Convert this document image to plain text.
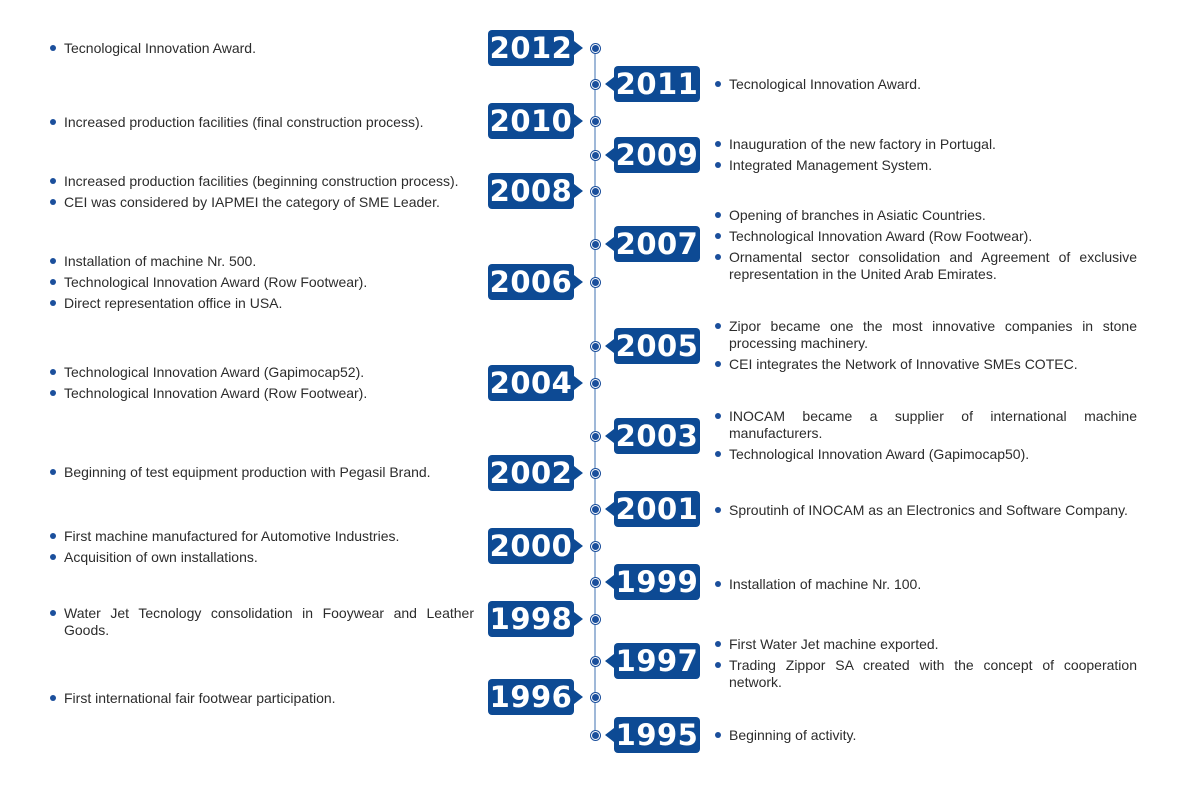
2012
Tecnological Innovation Award.
2011	Tecnological Innovation Award.
2010
Increased production facilities (final construction process).
2009	Inauguration of the new factory in Portugal.
Integrated Management System.
2008
Increased production facilities (beginning construction process).
CEI was considered by IAPMEI the category of SME Leader.
2007
Opening of branches in Asiatic Countries.
Technological Innovation Award (Row Footwear).
Ornamental sector consolidation and Agreement of exclusive representation in the United Arab Emirates.
2006
Installation of machine Nr. 500.
Technological Innovation Award (Row Footwear).
Direct representation office in USA.
2005
Zipor became one the most innovative companies in stone processing machinery.
CEI integrates the Network of Innovative SMEs COTEC.
2004
Technological Innovation Award (Gapimocap52).
Technological Innovation Award (Row Footwear).
2003
INOCAM became a supplier of international machine manufacturers.
Technological Innovation Award (Gapimocap50).
2002
Beginning of test equipment production with Pegasil Brand.
2001	Sproutinh of INOCAM as an Electronics and Software Company.
2000
First machine manufactured for Automotive Industries.
Acquisition of own installations.
1999	Installation of machine Nr. 100.
1998
Water Jet Tecnology consolidation in Fooywear and Leather Goods.
1997	First Water Jet machine exported.
Trading Zippor SA created with the concept of cooperation network.
1996
First international fair footwear participation.
1995	Beginning of activity.
